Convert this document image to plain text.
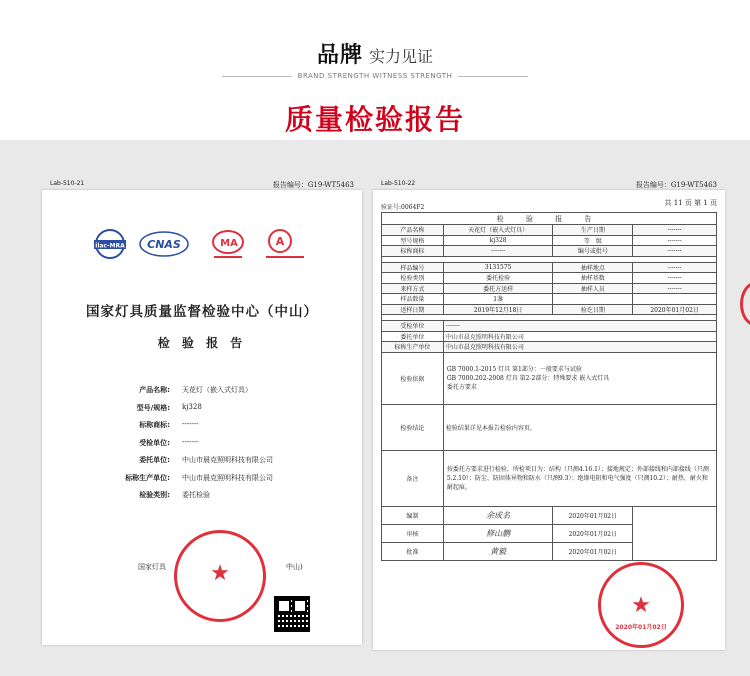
品牌 实力见证
BRAND STRENGTH WITNESS STRENGTH
质量检验报告
Lab-510-21	报告编号：G19-WT5463
ilac-MRA CNAS	MA	A
国家灯具质量监督检验中心（中山）
检 验 报 告
产品名称: 天花灯（嵌入式灯具）
型号/规格: kj328
标称商标: -------
受检单位: -------
委托单位: 中山市晨克照明科技有限公司
标称生产单位: 中山市晨克照明科技有限公司
检验类别: 委托检验
国家灯具	中山)
★
Lab-510-22	报告编号：G19-WT5463
共 11 页 第 1 页
验证号:0064F2
检 验 报 告			
产品名称	天花灯（嵌入式灯具）	生产日期	-------
型号规格	kj328	等　级	-------
标称商标	-------	编号或批号	-------

样品编号	3131575	抽样地点	-------
检验类别	委托检验	抽样基数	-------
来样方式	委托方送样	抽样人员	-------
样品数量	1盏		
送样日期	2019年12月18日	验讫日期	2020年01月02日

受检单位	-------		
委托单位	中山市晨克照明科技有限公司		
标称生产单位	中山市晨克照明科技有限公司		
检验依据	GB 7000.1-2015 灯具 第1部分：一般要求与试验
GB 7000.202-2008 灯具 第2-2部分：特殊要求 嵌入式灯具
委托方要求		

检验结论	检验结果详见本报告检验内容页。		
备注	按委托方要求进行检验，所检项目为：结构（只测4.16.1）；接地规定；外部接线和内部接线（只测5.2.10）；防尘、防固体异物和防水（只测9.3）；绝缘电阻和电气强度（只测10.2）；耐热、耐火和耐起痕。		
编制	余成名	2020年01月02日	
审核	修山鹏	2020年01月02日	
批准	黄毅	2020年01月02日	
★
2020年01月02日
